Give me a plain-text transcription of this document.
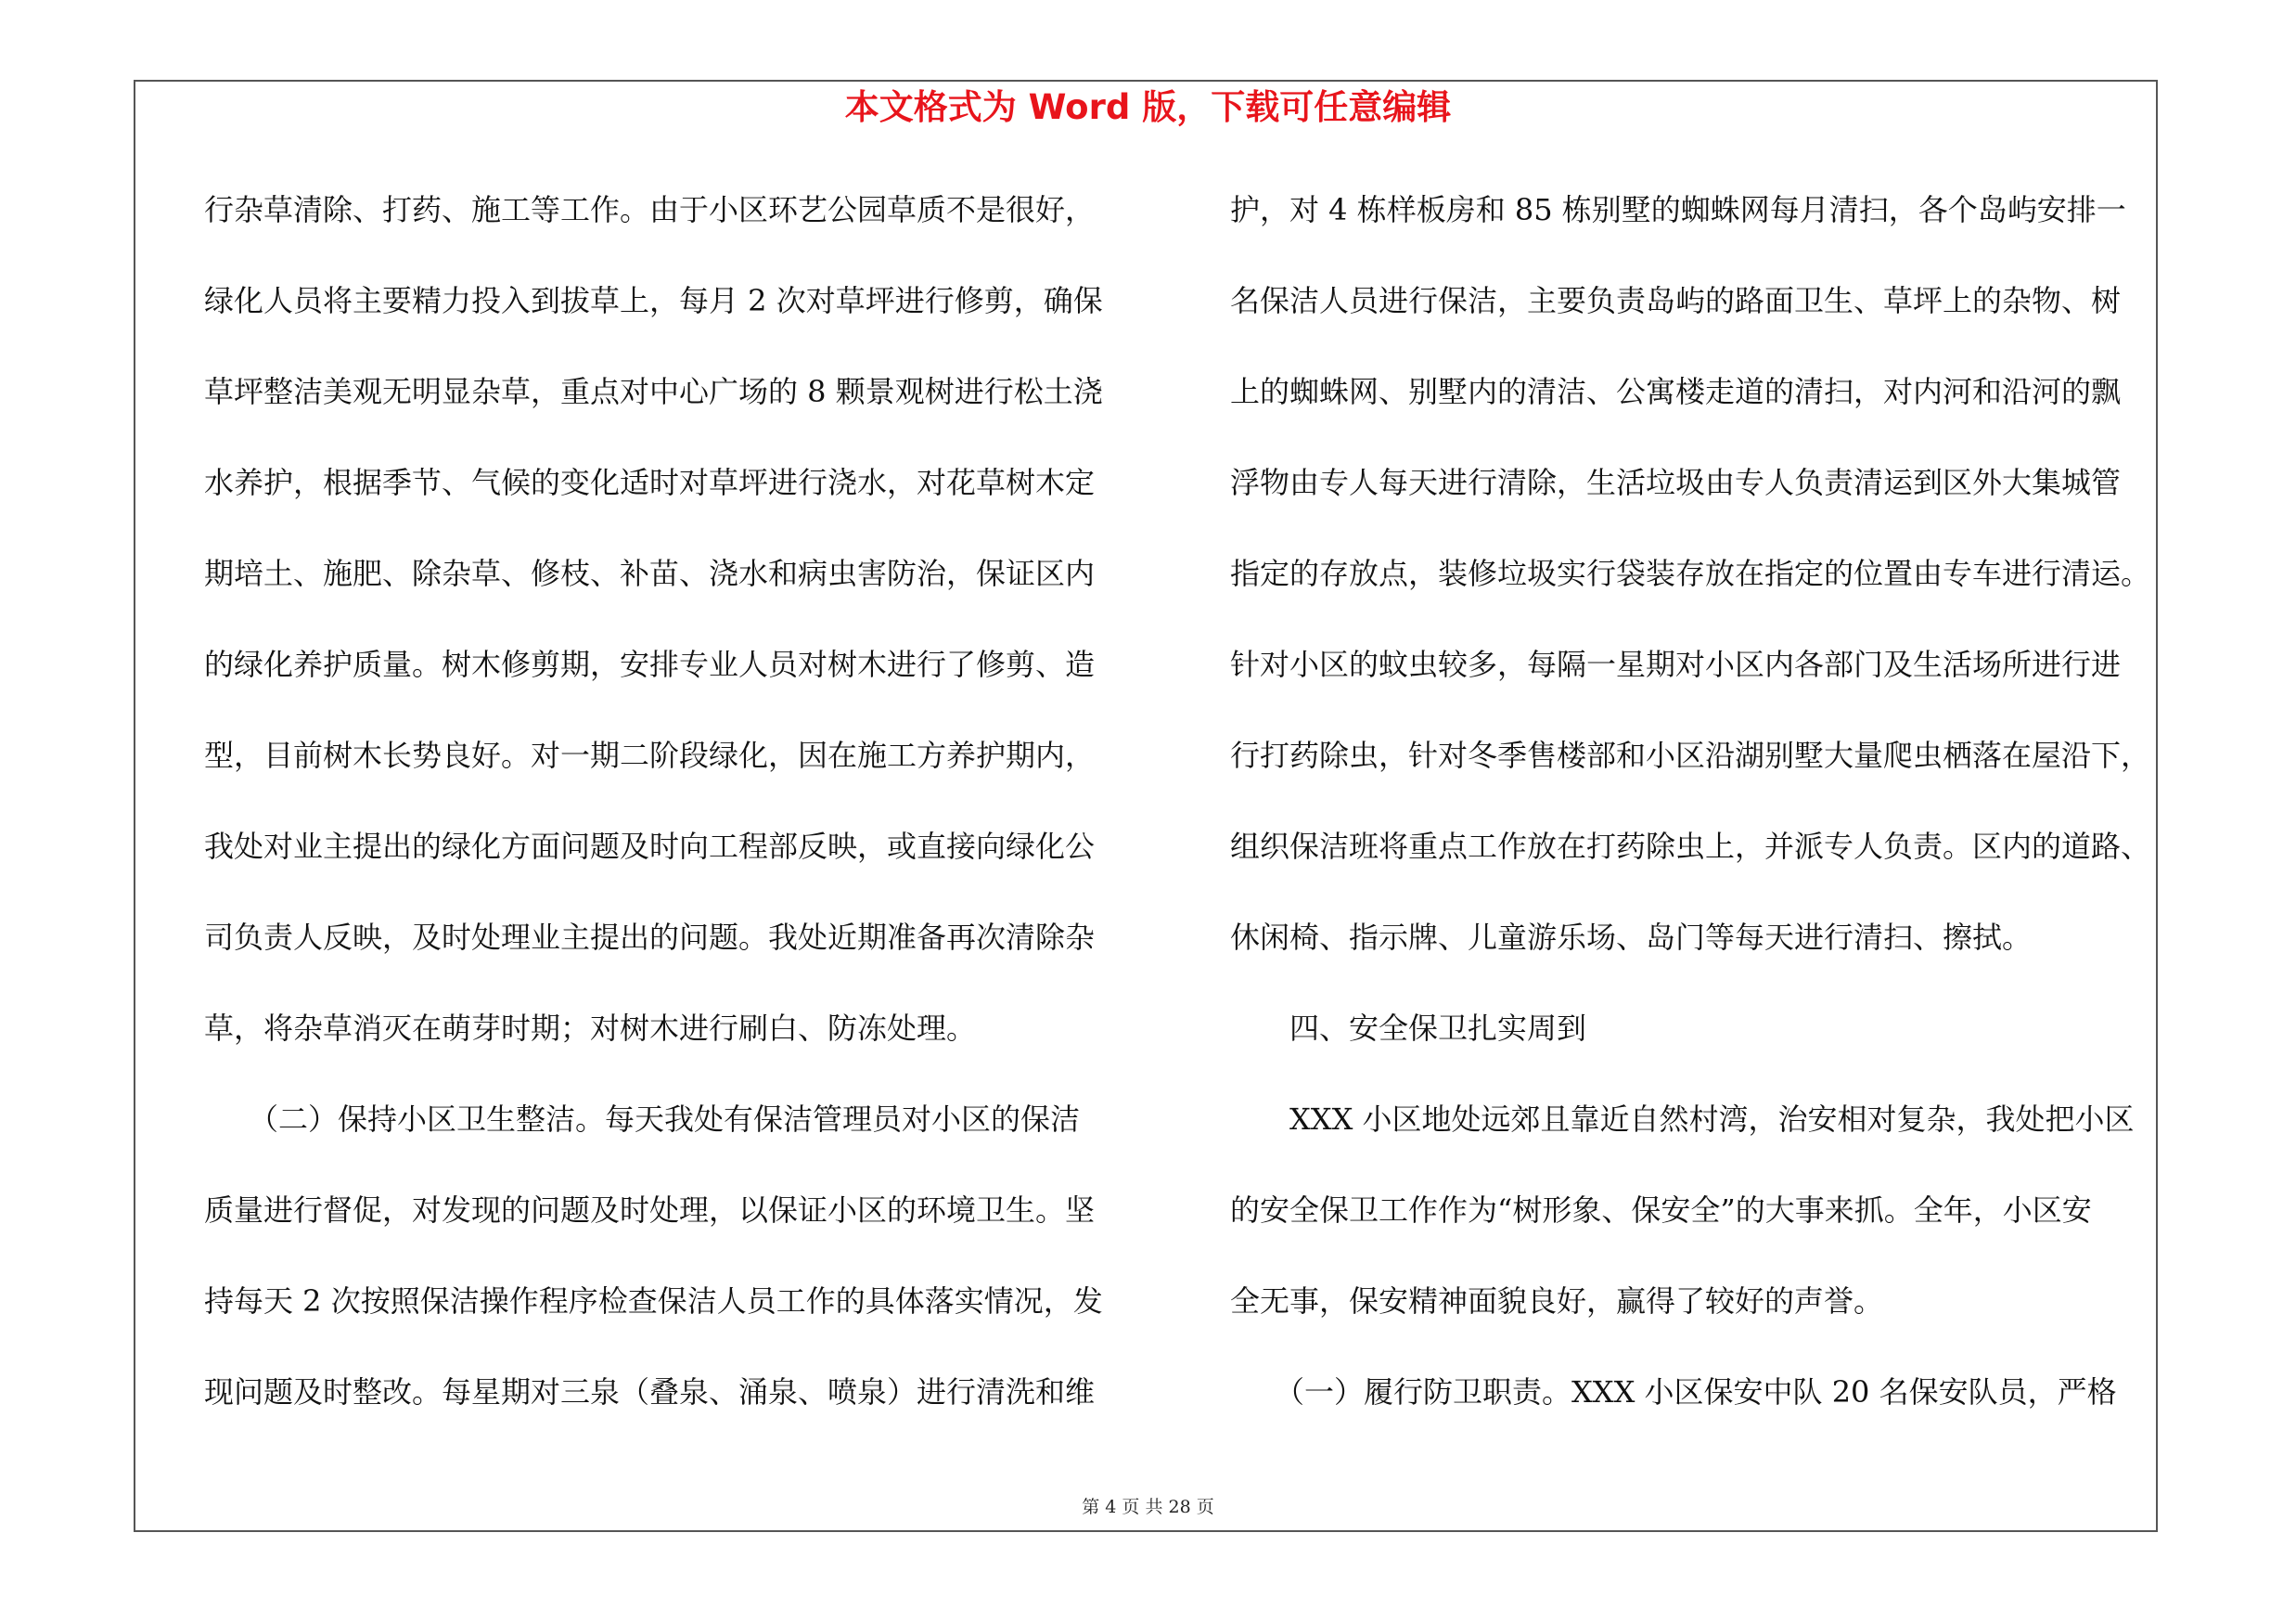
本文格式为 Word 版，下载可任意编辑

行杂草清除、打药、施工等工作。由于小区环艺公园草质不是很好，

绿化人员将主要精力投入到拔草上，每月 2 次对草坪进行修剪，确保

草坪整洁美观无明显杂草，重点对中心广场的 8 颗景观树进行松土浇

水养护，根据季节、气候的变化适时对草坪进行浇水，对花草树木定

期培土、施肥、除杂草、修枝、补苗、浇水和病虫害防治，保证区内

的绿化养护质量。树木修剪期，安排专业人员对树木进行了修剪、造

型，目前树木长势良好。对一期二阶段绿化，因在施工方养护期内，

我处对业主提出的绿化方面问题及时向工程部反映，或直接向绿化公

司负责人反映，及时处理业主提出的问题。我处近期准备再次清除杂

草，将杂草消灭在萌芽时期；对树木进行刷白、防冻处理。

　　（二）保持小区卫生整洁。每天我处有保洁管理员对小区的保洁

质量进行督促，对发现的问题及时处理，以保证小区的环境卫生。坚

持每天 2 次按照保洁操作程序检查保洁人员工作的具体落实情况，发

现问题及时整改。每星期对三泉（叠泉、涌泉、喷泉）进行清洗和维

护，对 4 栋样板房和 85 栋别墅的蜘蛛网每月清扫，各个岛屿安排一

名保洁人员进行保洁，主要负责岛屿的路面卫生、草坪上的杂物、树

上的蜘蛛网、别墅内的清洁、公寓楼走道的清扫，对内河和沿河的飘

浮物由专人每天进行清除，生活垃圾由专人负责清运到区外大集城管

指定的存放点，装修垃圾实行袋装存放在指定的位置由专车进行清运。

针对小区的蚊虫较多，每隔一星期对小区内各部门及生活场所进行进

行打药除虫，针对冬季售楼部和小区沿湖别墅大量爬虫栖落在屋沿下，

组织保洁班将重点工作放在打药除虫上，并派专人负责。区内的道路、

休闲椅、指示牌、儿童游乐场、岛门等每天进行清扫、擦拭。

　　四、安全保卫扎实周到

　　XXX 小区地处远郊且靠近自然村湾，治安相对复杂，我处把小区

的安全保卫工作作为“树形象、保安全”的大事来抓。全年，小区安

全无事，保安精神面貌良好，赢得了较好的声誉。

　　（一）履行防卫职责。XXX 小区保安中队 20 名保安队员，严格

第 4 页 共 28 页
